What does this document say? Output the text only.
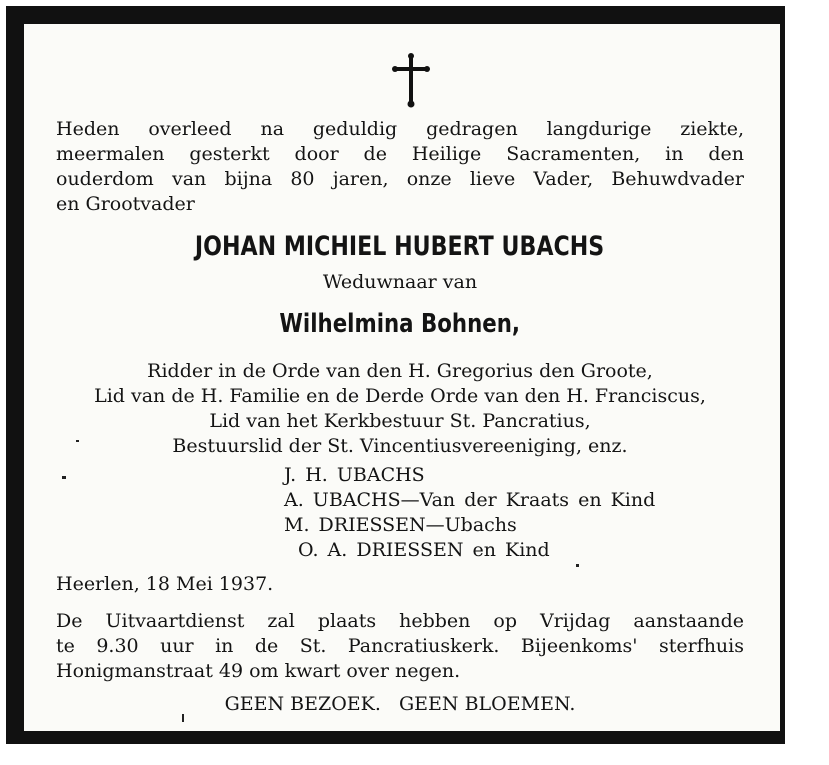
Heden overleed na geduldig gedragen langdurige ziekte,
meermalen gesterkt door de Heilige Sacramenten, in den
ouderdom van bijna 80 jaren, onze lieve Vader, Behuwdvader
en Grootvader
JOHAN MICHIEL HUBERT UBACHS
Weduwnaar van
Wilhelmina Bohnen,
Ridder in de Orde van den H. Gregorius den Groote,
Lid van de H. Familie en de Derde Orde van den H. Franciscus,
Lid van het Kerkbestuur St. Pancratius,
Bestuurslid der St. Vincentiusvereeniging, enz.
J. H. UBACHS
A. UBACHS—Van der Kraats en Kind
M. DRIESSEN—Ubachs
O. A. DRIESSEN en Kind
Heerlen, 18 Mei 1937.
De Uitvaartdienst zal plaats hebben op Vrijdag aanstaande
te 9.30 uur in de St. Pancratiuskerk. Bijeenkoms' sterfhuis
Honigmanstraat 49 om kwart over negen.
GEEN BEZOEK.   GEEN BLOEMEN.
